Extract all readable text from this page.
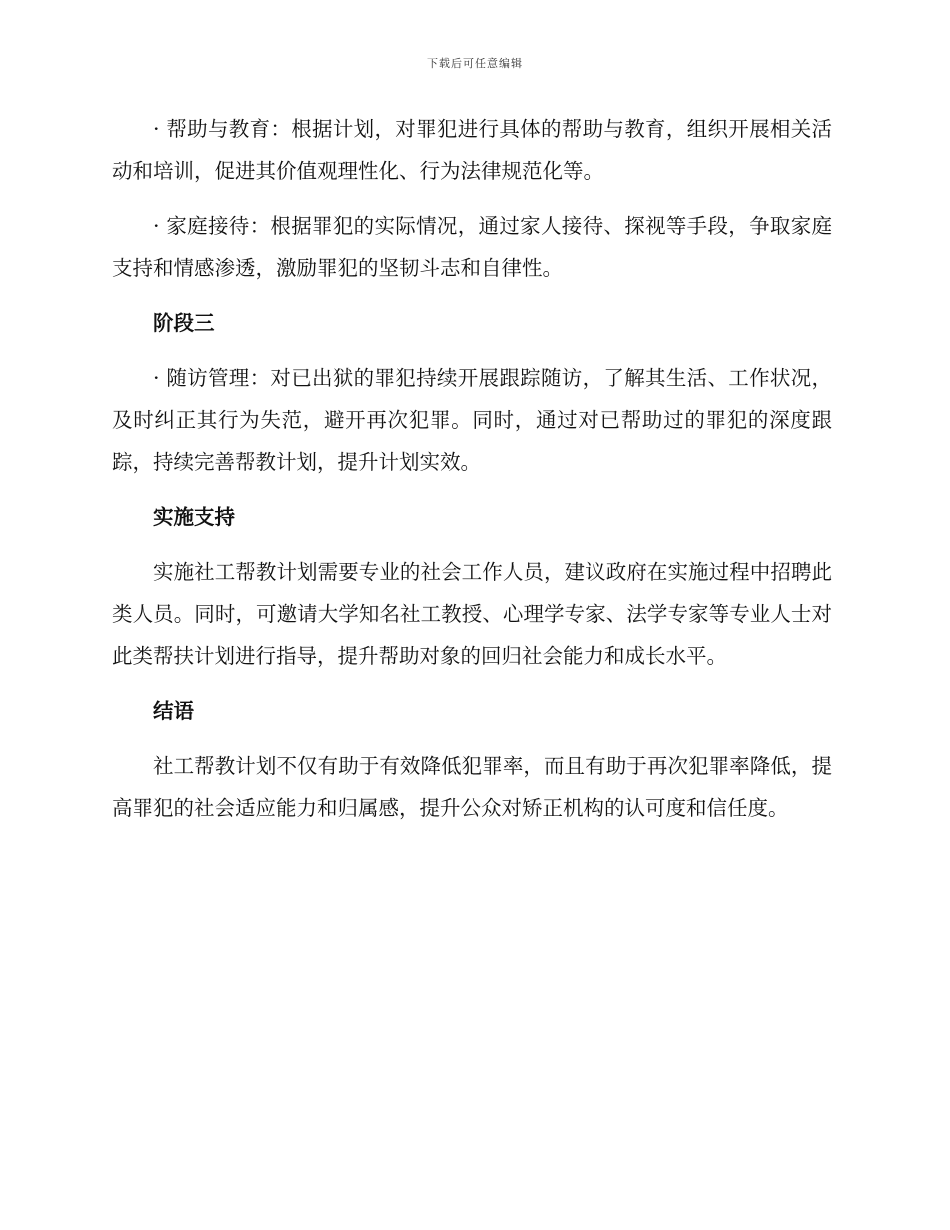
下载后可任意编辑

· 帮助与教育：根据计划，对罪犯进行具体的帮助与教育，组织开展相关活动和培训，促进其价值观理性化、行为法律规范化等。

· 家庭接待：根据罪犯的实际情况，通过家人接待、探视等手段，争取家庭支持和情感渗透，激励罪犯的坚韧斗志和自律性。

阶段三

· 随访管理：对已出狱的罪犯持续开展跟踪随访，了解其生活、工作状况，及时纠正其行为失范，避开再次犯罪。同时，通过对已帮助过的罪犯的深度跟踪，持续完善帮教计划，提升计划实效。

实施支持

实施社工帮教计划需要专业的社会工作人员，建议政府在实施过程中招聘此类人员。同时，可邀请大学知名社工教授、心理学专家、法学专家等专业人士对此类帮扶计划进行指导，提升帮助对象的回归社会能力和成长水平。

结语

社工帮教计划不仅有助于有效降低犯罪率，而且有助于再次犯罪率降低，提高罪犯的社会适应能力和归属感，提升公众对矫正机构的认可度和信任度。
